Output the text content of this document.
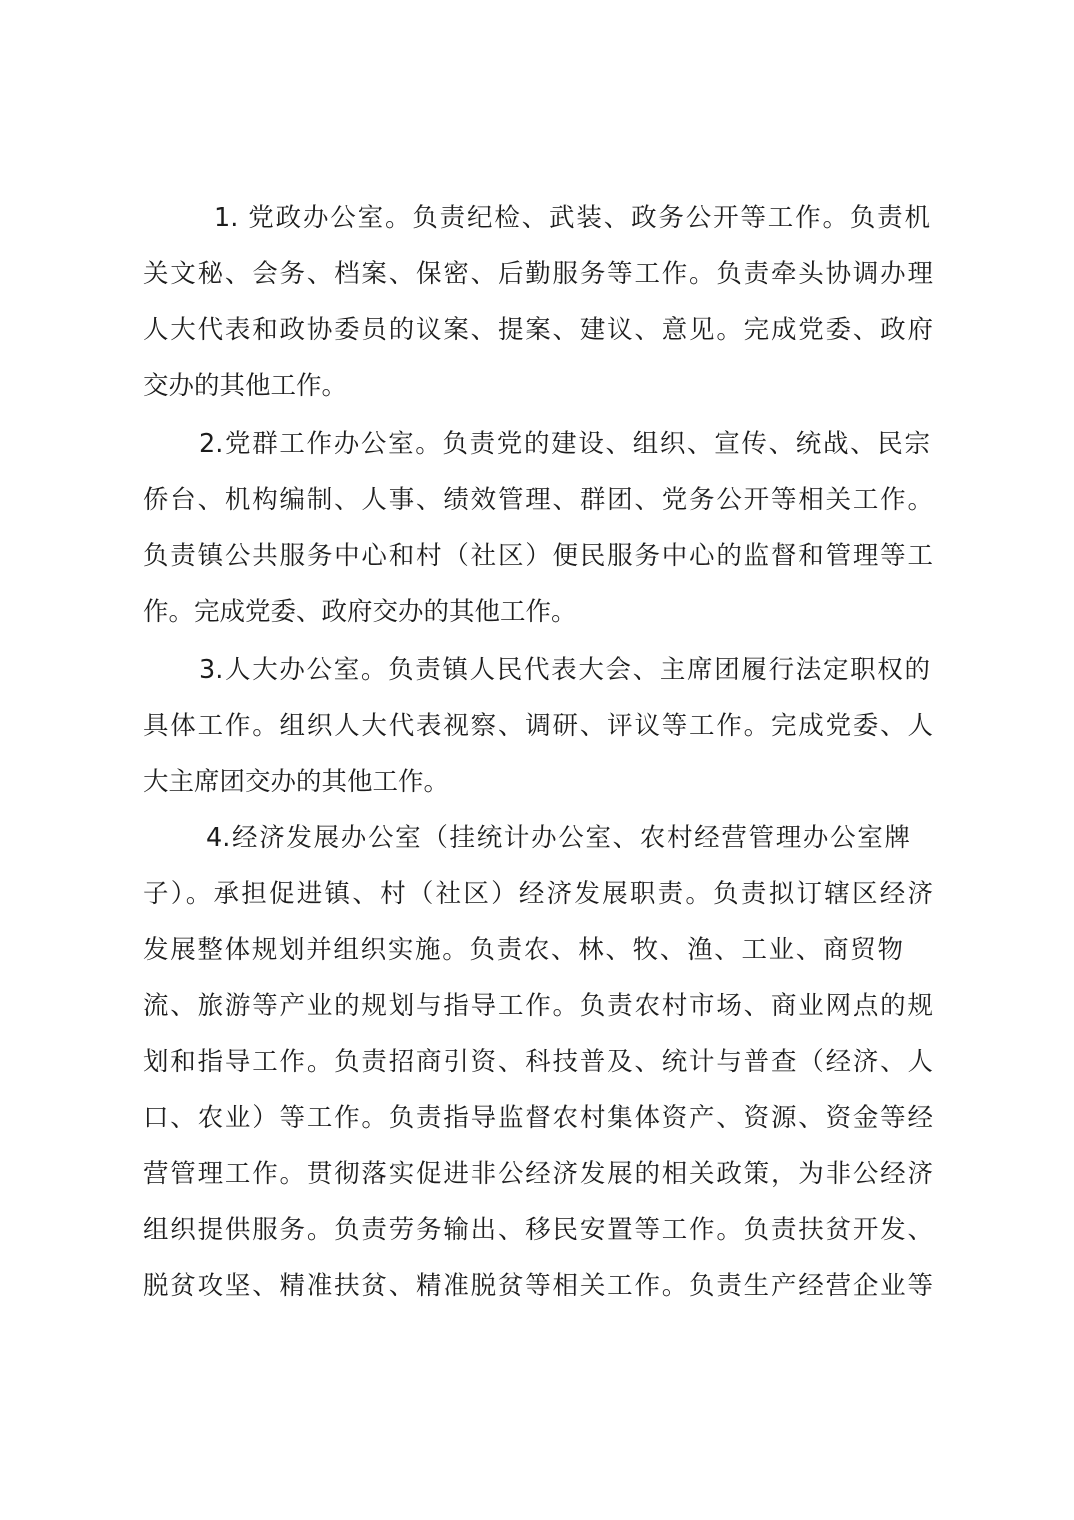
1. 党政办公室。负责纪检、武装、政务公开等工作。负责机
关文秘、会务、档案、保密、后勤服务等工作。负责牵头协调办理
人大代表和政协委员的议案、提案、建议、意见。完成党委、政府
交办的其他工作。
2.党群工作办公室。负责党的建设、组织、宣传、统战、民宗
侨台、机构编制、人事、绩效管理、群团、党务公开等相关工作。
负责镇公共服务中心和村（社区）便民服务中心的监督和管理等工
作。完成党委、政府交办的其他工作。
3.人大办公室。负责镇人民代表大会、主席团履行法定职权的
具体工作。组织人大代表视察、调研、评议等工作。完成党委、人
大主席团交办的其他工作。
4.经济发展办公室（挂统计办公室、农村经营管理办公室牌
子）。承担促进镇、村（社区）经济发展职责。负责拟订辖区经济
发展整体规划并组织实施。负责农、林、牧、渔、工业、商贸物
流、旅游等产业的规划与指导工作。负责农村市场、商业网点的规
划和指导工作。负责招商引资、科技普及、统计与普查（经济、人
口、农业）等工作。负责指导监督农村集体资产、资源、资金等经
营管理工作。贯彻落实促进非公经济发展的相关政策，为非公经济
组织提供服务。负责劳务输出、移民安置等工作。负责扶贫开发、
脱贫攻坚、精准扶贫、精准脱贫等相关工作。负责生产经营企业等
